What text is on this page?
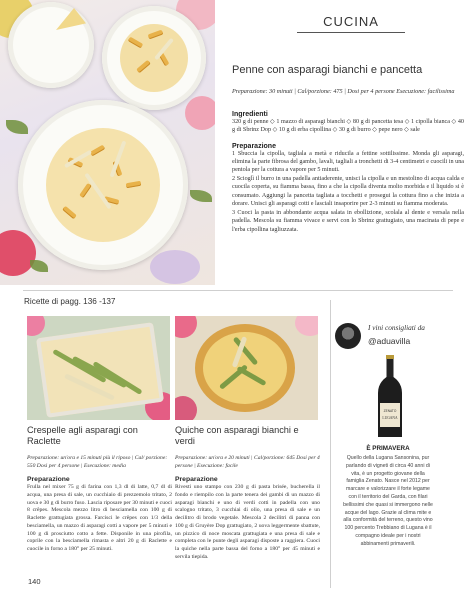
CUCINA
Penne con asparagi bianchi e pancetta
Preparazione: 30 minuti | Cal/porzione: 475 | Dosi per 4 persone Esecuzione: facilissima
Ingredienti
320 g di penne ◇ 1 mazzo di asparagi bianchi ◇ 80 g di pancetta tesa ◇ 1 cipolla bianca ◇ 40 g di Sbrinz Dop ◇ 10 g di erba cipollina ◇ 30 g di burro ◇ pepe nero ◇ sale
Preparazione
1 Sbuccia la cipolla, tagliala a metà e riducila a fettine sottilissime. Monda gli asparagi, elimina la parte fibrosa del gambo, lavali, tagliali a tronchetti di 3-4 centimetri e cuocili in una pentola per la cottura a vapore per 5 minuti.
2 Scioglì il burro in una padella antiaderente, unisci la cipolla e un mestolino di acqua calda e cuocila coperta, su fiamma bassa, fino a che la cipolla diventa molto morbida e il liquido si è consumato. Aggiungi la pancetta tagliata a tocchetti e prosegui la cottura fino a che inizia a dorare. Unisci gli asparagi cotti e lasciali insaporire per 2-3 minuti su fiamma moderata.
3 Cuoci la pasta in abbondante acqua salata in ebollizione, scolala al dente e versala nella padella. Mescola su fiamma vivace e servi con lo Sbrinz grattugiato, una macinata di pepe e l'erba cipollina tagliuzzata.
Ricette di pagg. 136 -137
Crespelle agli asparagi con Raclette
Preparazione: un'ora e 15 minuti più il riposo | Cal/ porzione: 550 Dosi per 4 persone | Esecuzione: media
Preparazione
Frulla nel mixer 75 g di farina con 1,3 dl di latte, 0,7 dl di acqua, una presa di sale, un cucchiaio di prezzemolo tritato, 2 uova e 30 g di burro fuso. Lascia riposare per 30 minuti e cuoci 8 crêpes. Mescola mezzo litro di besciamella con 100 g di Raclette grattugiata grossa. Farcisci le crêpes con 1/3 della besciamella, un mazzo di asparagi cotti a vapore per 5 minuti e 100 g di prosciutto cotto a fette. Disponile in una pirofila, coprile con la besciamella rimasta e altri 20 g di Raclette e cuocile in forno a 180° per 25 minuti.
Quiche con asparagi bianchi e verdi
Preparazione: un'ora e 20 minuti | Cal/porzione: 645 Dosi per 4 persone | Esecuzione: facile
Preparazione
Rivesti uno stampo con 230 g di pasta brisée, bucherella il fondo e riempilo con la parte tenera dei gambi di un mazzo di asparagi bianchi e uno di verdi cotti in padella con uno scalogno tritato, 3 cucchiai di olio, una presa di sale e un decilitro di brodo vegetale. Mescola 2 decilitri di panna con 100 g di Gruyère Dop grattugiato, 2 uova leggermente sbattute, un pizzico di noce moscata grattugiata e una presa di sale e completa con le punte degli asparagi disposte a raggiera. Cuoci la quiche nella parte bassa del forno a 180° per 45 minuti e servila tiepida.
I vini consigliati da
@aduavilla
ZENATO
LUGANA
È PRIMAVERA
Quello della Lugana Sansonina, pur parlando di vigneti di circa 40 anni di vita, è un progetto giovane della famiglia Zenato. Nasce nel 2012 per marcare e valorizzare il forte legame con il territorio del Garda, con filari bellissimi che quasi si immergono nelle acque del lago. Grazie al clima mite e alla conformità del terreno, questo vino 100 percento Trebbiano di Lugana è il compagno ideale per i nostri abbinamenti primaverili.
140
